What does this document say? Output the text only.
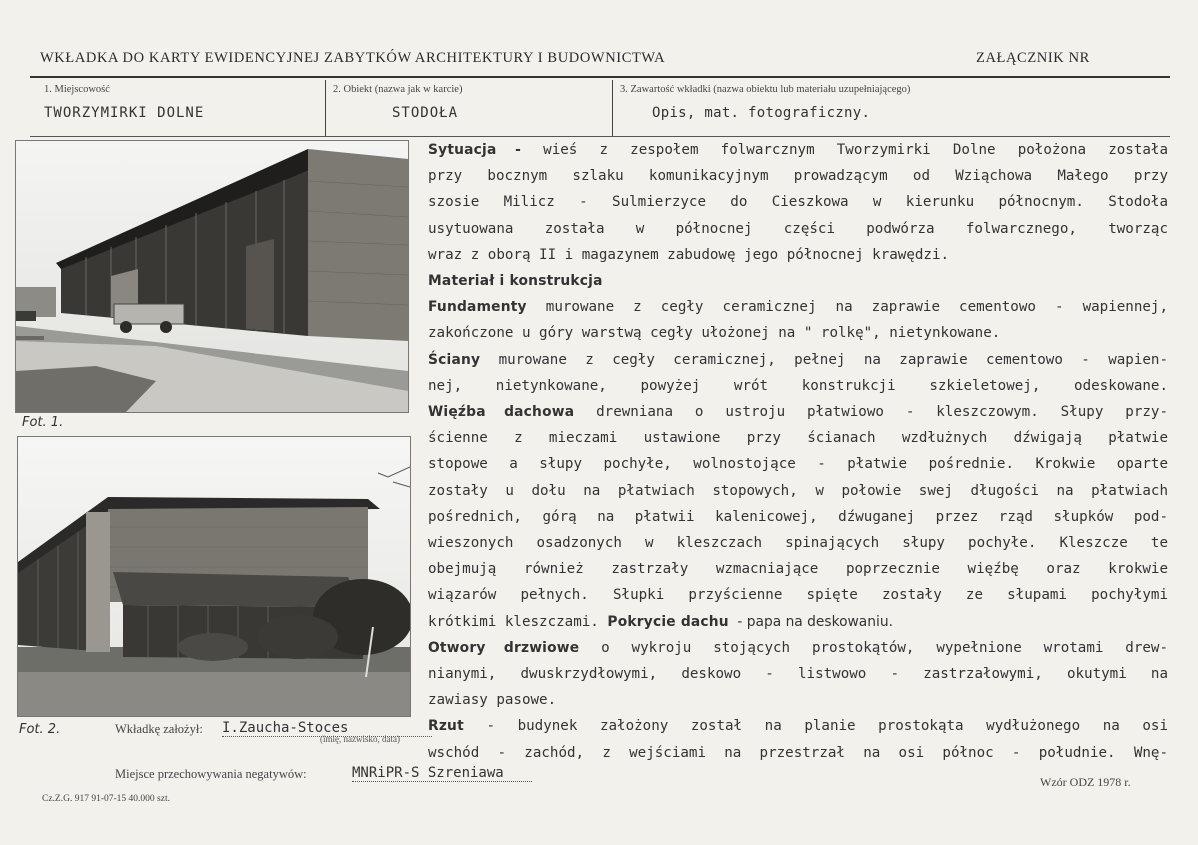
WKŁADKA DO KARTY EWIDENCYJNEJ ZABYTKÓW ARCHITEKTURY I BUDOWNICTWA	ZAŁĄCZNIK NR
1. Miejscowość
TWORZYMIRKI DOLNE
2. Obiekt (nazwa jak w karcie)
STODOŁA
3. Zawartość wkładki (nazwa obiektu lub materiału uzupełniającego)
Opis, mat. fotograficzny.
Fot. 1.
Fot. 2.

Sytuacja - wieś z zespołem folwarcznym Tworzymirki Dolne położona została

przy bocznym szlaku komunikacyjnym prowadzącym od Wziąchowa Małego przy

szosie Milicz - Sulmierzyce do Cieszkowa w kierunku północnym. Stodoła

usytuowana została w północnej części podwórza folwarcznego, tworząc

wraz z oborą II i magazynem zabudowę jego północnej krawędzi.

Materiał i konstrukcja

Fundamenty murowane z cegły ceramicznej na zaprawie cementowo - wapiennej,

zakończone u góry warstwą cegły ułożonej na " rolkę", nietynkowane.

Ściany murowane z cegły ceramicznej, pełnej na zaprawie cementowo - wapien-

nej, nietynkowane, powyżej wrót konstrukcji szkieletowej, odeskowane.

Więźba dachowa drewniana o ustroju płatwiowo - kleszczowym. Słupy przy-

ścienne z mieczami ustawione przy ścianach wzdłużnych dźwigają płatwie

stopowe a słupy pochyłe, wolnostojące - płatwie pośrednie. Krokwie oparte

zostały u dołu na płatwiach stopowych, w połowie swej długości na płatwiach

pośrednich, górą na płatwii kalenicowej, dźwuganej przez rząd słupków pod-

wieszonych osadzonych w kleszczach spinających słupy pochyłe. Kleszcze te

obejmują również zastrzały wzmacniające poprzecznie więźbę oraz krokwie

wiązarów pełnych. Słupki przyścienne spięte zostały ze słupami pochyłymi

krótkimi kleszczami. Pokrycie dachu - papa na deskowaniu.

Otwory drzwiowe o wykroju stojących prostokątów, wypełnione wrotami drew-

nianymi, dwuskrzydłowymi, deskowo - listwowo - zastrzałowymi, okutymi na

zawiasy pasowe.

Rzut - budynek założony został na planie prostokąta wydłużonego na osi

wschód - zachód, z wejściami na przestrzał na osi północ - południe. Wnę-

Wkładkę założył: I.Zaucha-Stoces
(imię, nazwisko, data)
Miejsce przechowywania negatywów:	MNRiPR-S Szreniawa
Wzór ODZ 1978 r.
Cz.Z.G. 917 91-07-15 40.000 szt.
